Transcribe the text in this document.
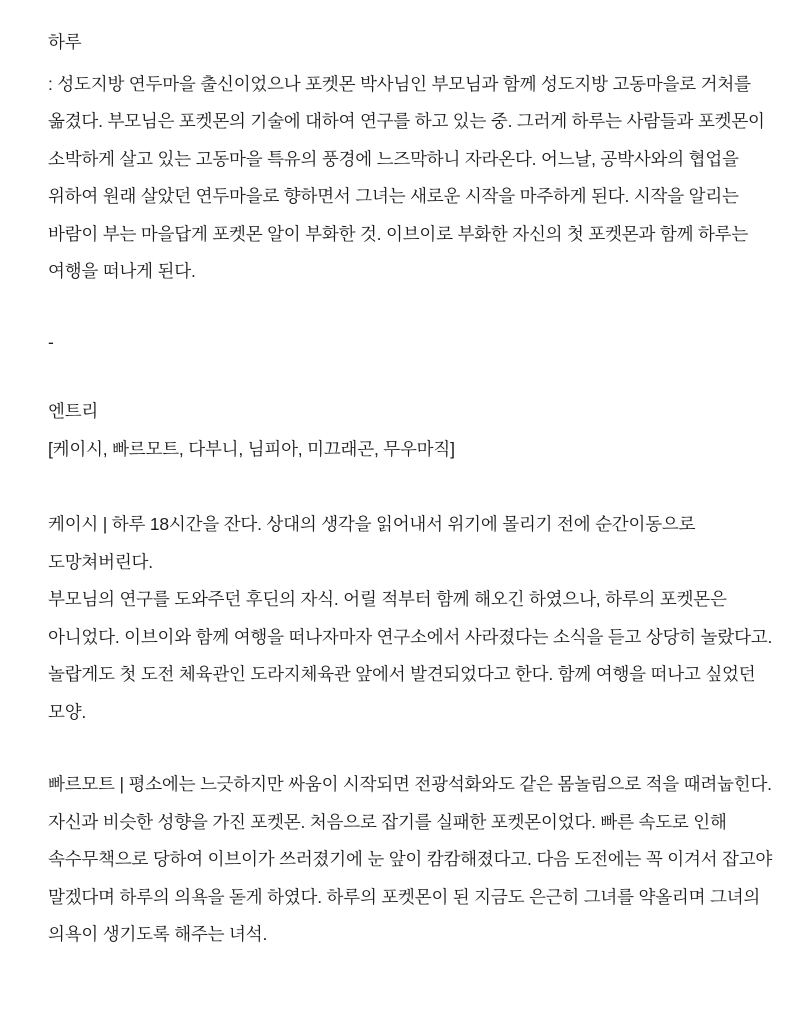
하루
: 성도지방 연두마을 출신이었으나 포켓몬 박사님인 부모님과 함께 성도지방 고동마을로 거처를
옮겼다. 부모님은 포켓몬의 기술에 대하여 연구를 하고 있는 중. 그러게 하루는 사람들과 포켓몬이
소박하게 살고 있는 고동마을 특유의 풍경에 느즈막하니 자라온다. 어느날, 공박사와의 협업을
위하여 원래 살았던 연두마을로 향하면서 그녀는 새로운 시작을 마주하게 된다. 시작을 알리는
바람이 부는 마을답게 포켓몬 알이 부화한 것. 이브이로 부화한 자신의 첫 포켓몬과 함께 하루는
여행을 떠나게 된다.
-
엔트리
[케이시, 빠르모트, 다부니, 님피아, 미끄래곤, 무우마직]
케이시 | 하루 18시간을 잔다. 상대의 생각을 읽어내서 위기에 몰리기 전에 순간이동으로
도망쳐버린다.
부모님의 연구를 도와주던 후딘의 자식. 어릴 적부터 함께 해오긴 하였으나, 하루의 포켓몬은
아니었다. 이브이와 함께 여행을 떠나자마자 연구소에서 사라졌다는 소식을 듣고 상당히 놀랐다고.
놀랍게도 첫 도전 체육관인 도라지체육관 앞에서 발견되었다고 한다. 함께 여행을 떠나고 싶었던
모양.
빠르모트 | 평소에는 느긋하지만 싸움이 시작되면 전광석화와도 같은 몸놀림으로 적을 때려눕힌다.
자신과 비슷한 성향을 가진 포켓몬. 처음으로 잡기를 실패한 포켓몬이었다. 빠른 속도로 인해
속수무책으로 당하여 이브이가 쓰러졌기에 눈 앞이 캄캄해졌다고. 다음 도전에는 꼭 이겨서 잡고야
말겠다며 하루의 의욕을 돋게 하였다. 하루의 포켓몬이 된 지금도 은근히 그녀를 약올리며 그녀의
의욕이 생기도록 해주는 녀석.
